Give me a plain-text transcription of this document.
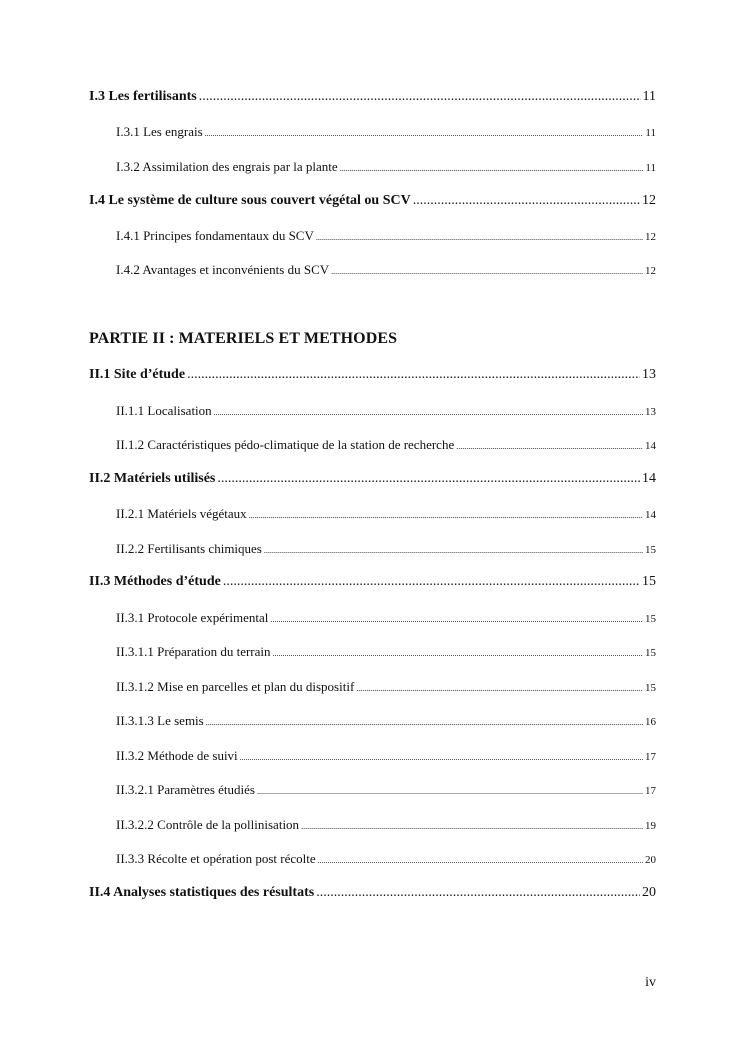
I.3 Les fertilisants .....	11
I.3.1 Les engrais .....	11
I.3.2 Assimilation des engrais par la plante .....	11
I.4 Le système de culture sous couvert végétal ou SCV .....	12
I.4.1 Principes fondamentaux du SCV .....	12
I.4.2 Avantages et inconvénients du SCV .....	12
PARTIE II : MATERIELS ET METHODES
II.1 Site d’étude .....	13
II.1.1 Localisation .....	13
II.1.2 Caractéristiques pédo-climatique de la station de recherche .....	14
II.2 Matériels utilisés .....	14
II.2.1 Matériels végétaux .....	14
II.2.2 Fertilisants chimiques .....	15
II.3 Méthodes d’étude .....	15
II.3.1 Protocole expérimental .....	15
II.3.1.1 Préparation du terrain .....	15
II.3.1.2 Mise en parcelles et plan du dispositif .....	15
II.3.1.3 Le semis .....	16
II.3.2 Méthode de suivi .....	17
II.3.2.1 Paramètres étudiés .....	17
II.3.2.2 Contrôle de la pollinisation .....	19
II.3.3 Récolte et opération post récolte .....	20
II.4 Analyses statistiques des résultats .....	20
iv
